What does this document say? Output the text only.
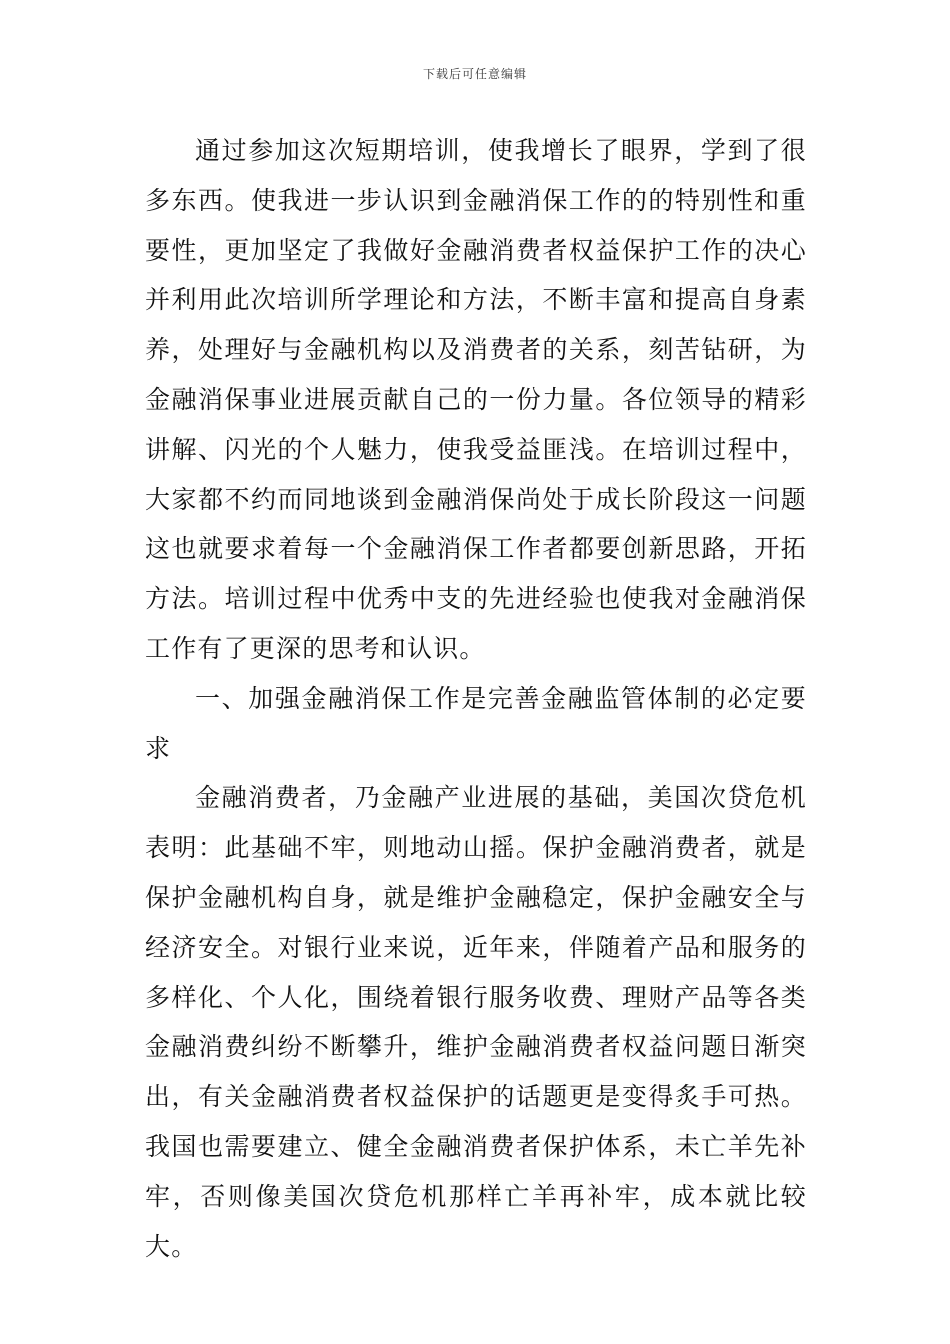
下载后可任意编辑

通过参加这次短期培训，使我增长了眼界，学到了很多东西。使我进一步认识到金融消保工作的的特别性和重要性，更加坚定了我做好金融消费者权益保护工作的决心并利用此次培训所学理论和方法，不断丰富和提高自身素养，处理好与金融机构以及消费者的关系，刻苦钻研，为金融消保事业进展贡献自己的一份力量。各位领导的精彩讲解、闪光的个人魅力，使我受益匪浅。在培训过程中，大家都不约而同地谈到金融消保尚处于成长阶段这一问题这也就要求着每一个金融消保工作者都要创新思路，开拓方法。培训过程中优秀中支的先进经验也使我对金融消保工作有了更深的思考和认识。

一、加强金融消保工作是完善金融监管体制的必定要求

金融消费者，乃金融产业进展的基础，美国次贷危机表明：此基础不牢，则地动山摇。保护金融消费者，就是保护金融机构自身，就是维护金融稳定，保护金融安全与经济安全。对银行业来说，近年来，伴随着产品和服务的多样化、个人化，围绕着银行服务收费、理财产品等各类金融消费纠纷不断攀升，维护金融消费者权益问题日渐突出，有关金融消费者权益保护的话题更是变得炙手可热。我国也需要建立、健全金融消费者保护体系，未亡羊先补牢，否则像美国次贷危机那样亡羊再补牢，成本就比较大。
